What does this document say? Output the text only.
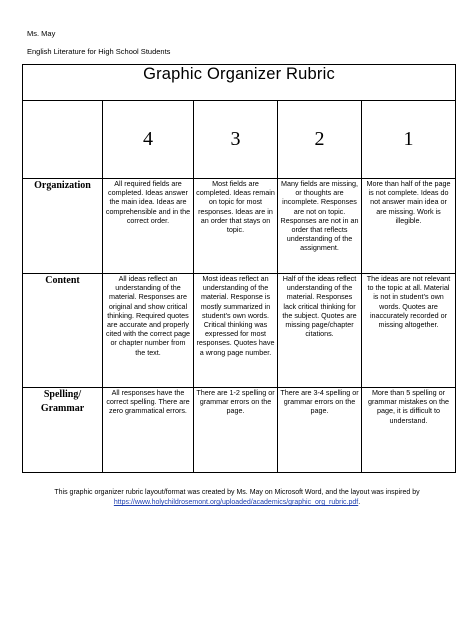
Ms. May
English Literature for High School Students
Graphic Organizer Rubric				
	4	3	2	1
Organization	All required fields are completed. Ideas answer the main idea. Ideas are comprehensible and in the correct order.	Most fields are completed. Ideas remain on topic for most responses. Ideas are in an order that stays on topic.	Many fields are missing, or thoughts are incomplete. Responses are not on topic. Responses are not in an order that reflects understanding of the assignment.	More than half of the page is not complete. Ideas do not answer main idea or are missing. Work is illegible.
Content	All ideas reflect an understanding of the material. Responses are original and show critical thinking. Required quotes are accurate and properly cited with the correct page or chapter number from the text.	Most ideas reflect an understanding of the material. Response is mostly summarized in student’s own words. Critical thinking was expressed for most responses. Quotes have a wrong page number.	Half of the ideas reflect understanding of the material. Responses lack critical thinking for the subject. Quotes are missing page/chapter citations.	The ideas are not relevant to the topic at all. Material is not in student’s own words. Quotes are inaccurately recorded or missing altogether.
Spelling/ Grammar	All responses have the correct spelling. There are zero grammatical errors.	There are 1-2 spelling or grammar errors on the page.	There are 3-4 spelling or grammar errors on the page.	More than 5 spelling or grammar mistakes on the page, it is difficult to understand.
This graphic organizer rubric layout/format was created by Ms. May on Microsoft Word, and the layout was inspired by https://www.holychildrosemont.org/uploaded/academics/graphic_org_rubric.pdf.
